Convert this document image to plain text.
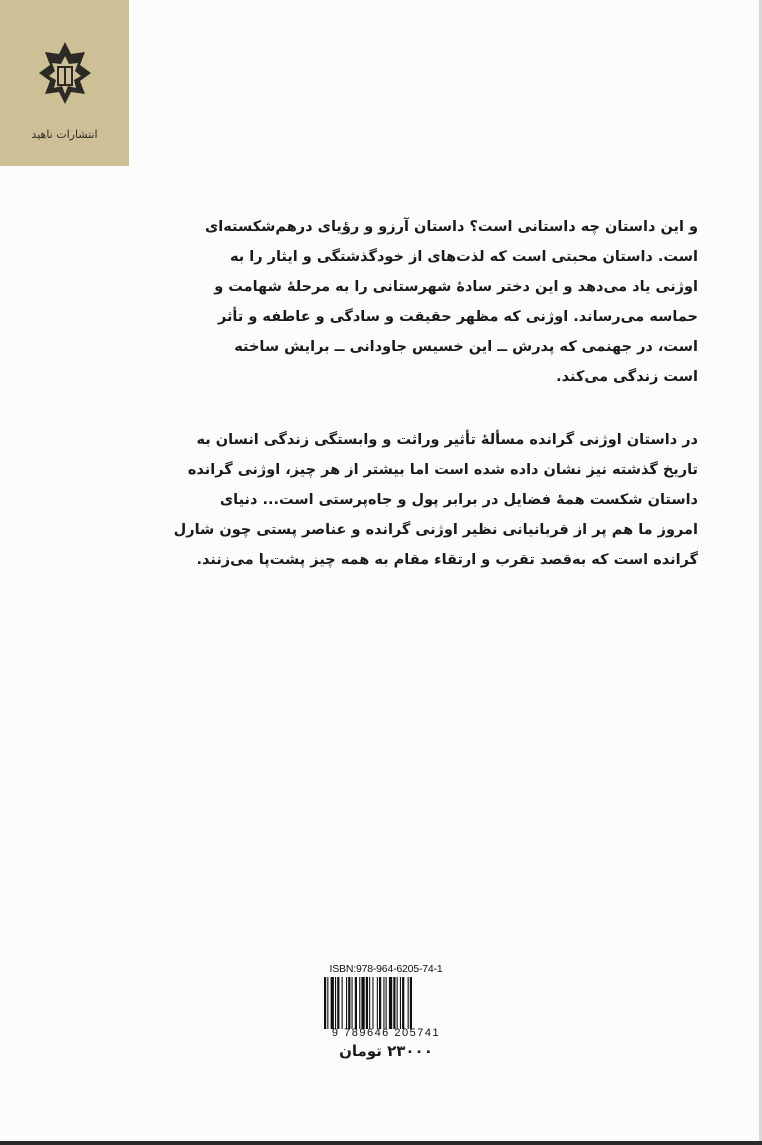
انتشارات ناهید
و این داستان چه داستانی است؟ داستان آرزو و رؤیای درهم‌شکسته‌ای
است. داستان محبتی است که لذت‌های از خودگذشتگی و ایثار را به
اوژنی یاد می‌دهد و این دختر سادهٔ شهرستانی را به مرحلهٔ شهامت و
حماسه می‌رساند. اوژنی که مظهر حقیقت و سادگی و عاطفه و تأثر
است، در جهنمی که پدرش ــ این خسیس جاودانی ــ برایش ساخته
است زندگی می‌کند.
در داستان اوژنی گرانده مسألهٔ تأثیر وراثت و وابستگی زندگی انسان به
تاریخ گذشته نیز نشان داده شده است اما بیشتر از هر چیز، اوژنی گرانده
داستان شکست همهٔ فضایل در برابر پول و جاه‌پرستی است... دنیای
امروز ما هم پر از قربانیانی نظیر اوژنی گرانده و عناصر پستی چون شارل
گرانده است که به‌قصد تقرب و ارتقاء مقام به همه چیز پشت‌پا می‌زنند.
ISBN:978-964-6205-74-1
9 789646 205741
۲۳۰۰۰ تومان
